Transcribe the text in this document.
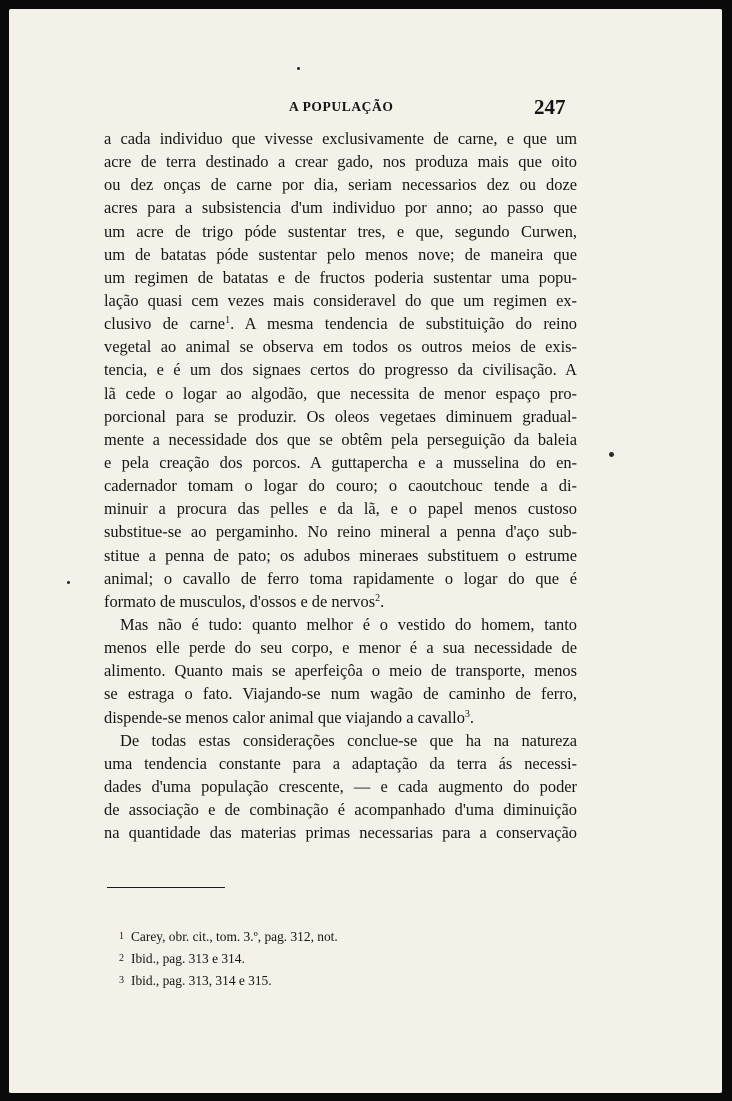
A POPULAÇÃO	247
a cada individuo que vivesse exclusivamente de carne, e que um
acre de terra destinado a crear gado, nos produza mais que oito
ou dez onças de carne por dia, seriam necessarios dez ou doze
acres para a subsistencia d'um individuo por anno; ao passo que
um acre de trigo póde sustentar tres, e que, segundo Curwen,
um de batatas póde sustentar pelo menos nove; de maneira que
um regimen de batatas e de fructos poderia sustentar uma popu-
lação quasi cem vezes mais consideravel do que um regimen ex-
clusivo de carne$^1$. A mesma tendencia de substituição do reino
vegetal ao animal se observa em todos os outros meios de exis-
tencia, e é um dos signaes certos do progresso da civilisação. A
lã cede o logar ao algodão, que necessita de menor espaço pro-
porcional para se produzir. Os oleos vegetaes diminuem gradual-
mente a necessidade dos que se obtêm pela perseguição da baleia
e pela creação dos porcos. A guttapercha e a musselina do en-
cadernador tomam o logar do couro; o caoutchouc tende a di-
minuir a procura das pelles e da lã, e o papel menos custoso
substitue-se ao pergaminho. No reino mineral a penna d'aço sub-
stitue a penna de pato; os adubos mineraes substituem o estrume
animal; o cavallo de ferro toma rapidamente o logar do que é
formato de musculos, d'ossos e de nervos$^2$.
Mas não é tudo: quanto melhor é o vestido do homem, tanto
menos elle perde do seu corpo, e menor é a sua necessidade de
alimento. Quanto mais se aperfeiçôa o meio de transporte, menos
se estraga o fato. Viajando-se num wagão de caminho de ferro,
dispende-se menos calor animal que viajando a cavallo$^3$.
De todas estas considerações conclue-se que ha na natureza
uma tendencia constante para a adaptação da terra ás necessi-
dades d'uma população crescente, — e cada augmento do poder
de associação e de combinação é acompanhado d'uma diminuição
na quantidade das materias primas necessarias para a conservação
1 Carey, obr. cit., tom. 3.º, pag. 312, not.
2 Ibid., pag. 313 e 314.
3 Ibid., pag. 313, 314 e 315.
